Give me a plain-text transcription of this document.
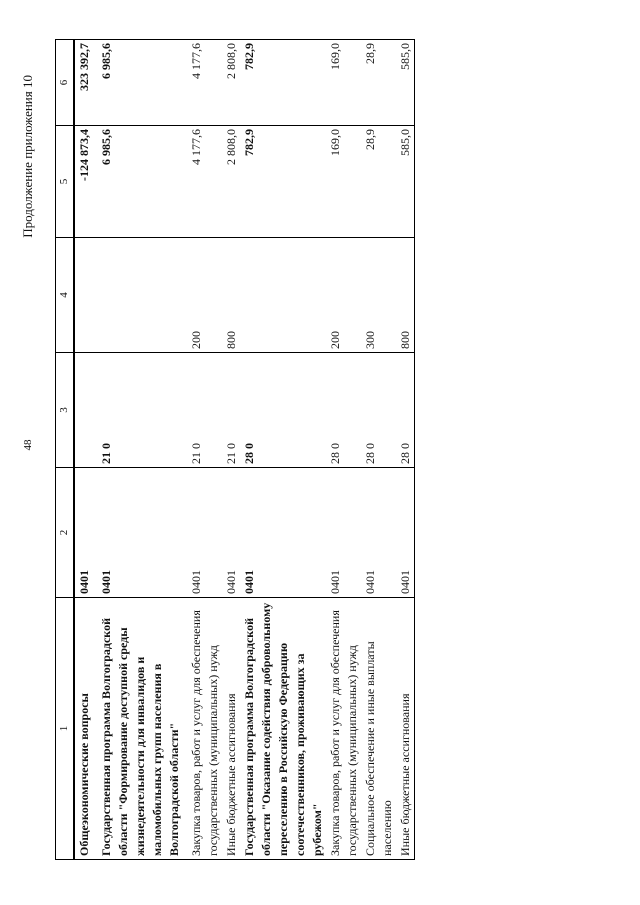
48
Продолжение приложения 10
1	2	3	4	5	6
Общеэкономические вопросы	0401			-124 873,4	323 392,7

Государственная программа Волгоградской области "Формирование доступной среды жизнедеятельности для инвалидов и маломобильных групп населения в Волгоградской области"	0401	21 0		6 985,6	6 985,6

Закупка товаров, работ и услуг для обеспечения государственных (муниципальных) нужд	0401	21 0	200	4 177,6	4 177,6
Иные бюджетные ассигнования	0401	21 0	800	2 808,0	2 808,0
Государственная программа Волгоградской области "Оказание содействия добровольному переселению в Российскую Федерацию соотечественников, проживающих за рубежом"	0401	28 0		782,9	782,9
Закупка товаров, работ и услуг для обеспечения государственных (муниципальных) нужд	0401	28 0	200	169,0	169,0
Социальное обеспечение и иные выплаты населению	0401	28 0	300	28,9	28,9
Иные бюджетные ассигнования	0401	28 0	800	585,0	585,0
